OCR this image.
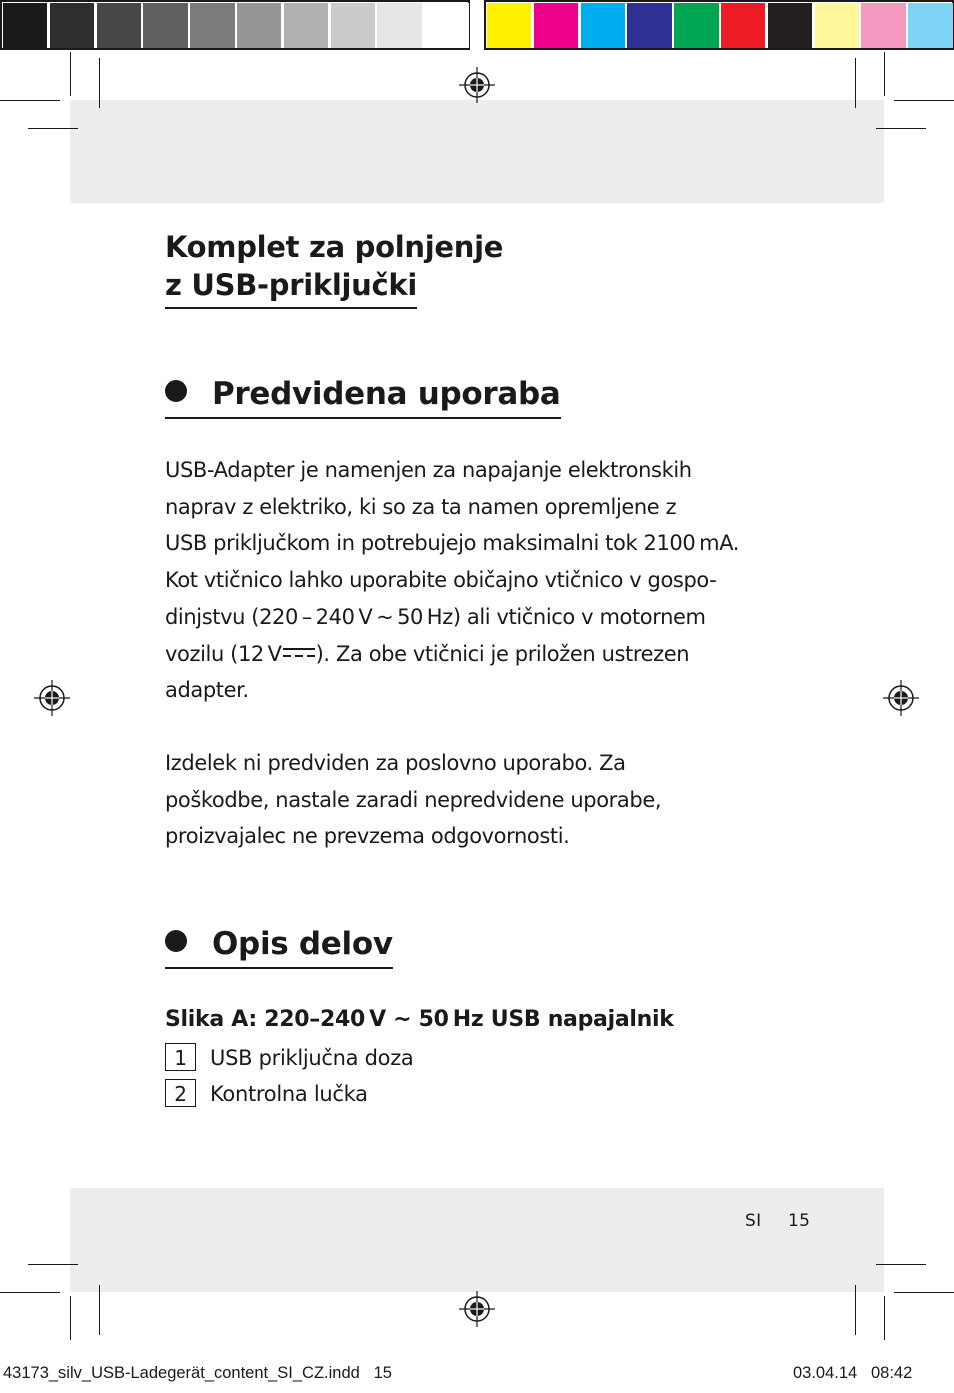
Komplet za polnjenje
z USB-priključki
Predvidena uporaba
USB-Adapter je namenjen za napajanje elektronskih
naprav z elektriko, ki so za ta namen opremljene z
USB priključkom in potrebujejo maksimalni tok 2100 mA.
Kot vtičnico lahko uporabite običajno vtičnico v gospo-
dinjstvu (220 – 240 V ~ 50 Hz) ali vtičnico v motornem
vozilu (12 V ). Za obe vtičnici je priložen ustrezen
adapter.
Izdelek ni predviden za poslovno uporabo. Za
poškodbe, nastale zaradi nepredvidene uporabe,
proizvajalec ne prevzema odgovornosti.
Opis delov
Slika A: 220–240 V ~ 50 Hz USB napajalnik
1 USB priključna doza
2 Kontrolna lučka
SI 15
43173_silv_USB-Ladegerät_content_SI_CZ.indd   15	03.04.14   08:42
